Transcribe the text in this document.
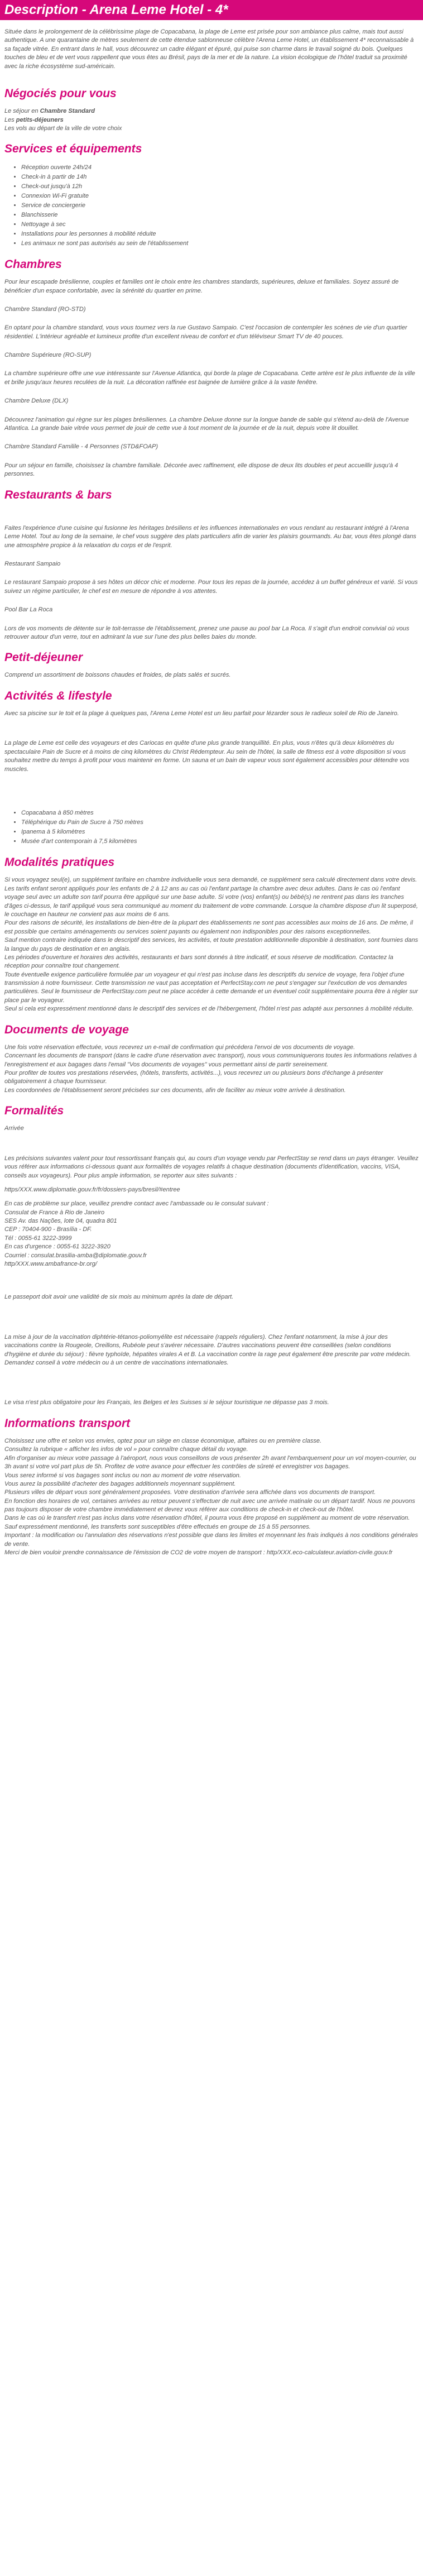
Description - Arena Leme Hotel - 4*

Située dans le prolongement de la célébrissime plage de Copacabana, la plage de Leme est prisée pour son ambiance plus calme, mais tout aussi authentique. A une quarantaine de mètres seulement de cette étendue sablonneuse célèbre l'Arena Leme Hotel, un établissement 4* reconnaissable à sa façade vitrée. En entrant dans le hall, vous découvrez un cadre élégant et épuré, qui puise son charme dans le travail soigné du bois. Quelques touches de bleu et de vert vous rappellent que vous êtes au Brésil, pays de la mer et de la nature. La vision écologique de l'hôtel traduit sa proximité avec la riche écosystème sud-américain.

Négociés pour vous
Le séjour en Chambre Standard
Les petits-déjeuners
Les vols au départ de la ville de votre choix
Services et équipements
• Réception ouverte 24h/24
• Check-in à partir de 14h
• Check-out jusqu'à 12h
• Connexion Wi-Fi gratuite
• Service de conciergerie
• Blanchisserie
• Nettoyage à sec
• Installations pour les personnes à mobilité réduite
• Les animaux ne sont pas autorisés au sein de l'établissement
Chambres

Pour leur escapade brésilienne, couples et familles ont le choix entre les chambres standards, supérieures, deluxe et familiales. Soyez assuré de bénéficier d'un espace confortable, avec la sérénité du quartier en prime.

Chambre Standard (RO-STD)

En optant pour la chambre standard, vous vous tournez vers la rue Gustavo Sampaio. C'est l'occasion de contempler les scènes de vie d'un quartier résidentiel. L'intérieur agréable et lumineux profite d'un excellent niveau de confort et d'un téléviseur Smart TV de 40 pouces.

Chambre Supérieure (RO-SUP)

La chambre supérieure offre une vue intéressante sur l'Avenue Atlantica, qui borde la plage de Copacabana. Cette artère est le plus ​​influente de la ville et brille jusqu'aux heures reculées de la nuit. La décoration raffinée est baignée de lumière grâce à la vaste fenêtre.

Chambre Deluxe (DLX)

Découvrez l'animation qui règne sur les plages brésiliennes. La chambre Deluxe donne sur la longue bande de sable qui s'étend au-delà de l'Avenue Atlantica. La grande baie vitrée vous permet de jouir de cette vue à tout moment de la journée et de la nuit, depuis votre lit douillet.

Chambre Standard Familile - 4 Personnes (STD&FOAP)

Pour un séjour en famille, choisissez la chambre familiale. Décorée avec raffinement, elle dispose de deux lits doubles et peut accueillir jusqu'à 4 personnes.

Restaurants & bars

Faites l'expérience d'une cuisine qui fusionne les héritages brésiliens et les influences internationales en vous rendant au restaurant intégré à l'Arena Leme Hotel. Tout au long de la semaine, le chef vous suggère des plats particuliers afin de varier les plaisirs gourmands. Au bar, vous êtes plongé dans une atmosphère propice à la relaxation du corps et de l'esprit.

Restaurant Sampaio

Le restaurant Sampaio propose à ses hôtes un décor chic et moderne. Pour tous les repas de la journée, accédez à un buffet généreux et varié. Si vous suivez un régime particulier, le chef est en mesure de répondre à vos attentes.

Pool Bar La Roca

Lors de vos moments de détente sur le toit-terrasse de l'établissement, prenez une pause au pool bar La Roca. Il s'agit d'un endroit convivial où vous retrouver autour d'un verre, tout en admirant la vue sur l'une des plus belles baies du monde.

Petit-déjeuner

Comprend un assortiment de boissons chaudes et froides, de plats salés et sucrés.

Activités & lifestyle

Avec sa piscine sur le toit et la plage à quelques pas, l'Arena Leme Hotel est un lieu parfait pour lézarder sous le radieux soleil de Rio de Janeiro.

La plage de Leme est celle des voyageurs et des Cariocas en quête d'une plus grande tranquillité. En plus, vous n'êtes qu'à deux kilomètres du spectaculaire Pain de Sucre et à moins de cinq kilomètres du Christ Rédempteur. Au sein de l'hôtel, la salle de fitness est à votre disposition si vous souhaitez mettre du temps à profit pour vous maintenir en forme. Un sauna et un bain de vapeur vous sont également accessibles pour détendre vos muscles.

• Copacabana à 850 mètres
• Téléphérique du Pain de Sucre à 750 mètres
• Ipanema à 5 kilomètres
• Musée d'art contemporain à 7,5 kilomètres
Modalités pratiques

Si vous voyagez seul(e), un supplément tarifaire en chambre individuelle vous sera demandé, ce supplément sera calculé directement dans votre devis.

Les tarifs enfant seront appliqués pour les enfants de 2 à 12 ans au cas où l'enfant partage la chambre avec deux adultes. Dans le cas où l'enfant voyage seul avec un adulte son tarif pourra être appliqué sur une base adulte. Si votre (vos) enfant(s) ou bébé(s) ne rentrent pas dans les tranches d'âges ci-dessus, le tarif appliqué vous sera communiqué au moment du traitement de votre commande. Lorsque la chambre dispose d'un lit superposé, le couchage en hauteur ne convient pas aux moins de 6 ans.

Pour des raisons de sécurité, les installations de bien-être de la plupart des établissements ne sont pas accessibles aux moins de 16 ans. De même, il est possible que certains aménagements ou services soient payants ou également non indisponibles pour des raisons exceptionnelles.

Sauf mention contraire indiquée dans le descriptif des services, les activités, et toute prestation additionnelle disponible à destination, sont fournies dans la langue du pays de destination et en anglais.

Les périodes d'ouverture et horaires des activités, restaurants et bars sont donnés à titre indicatif, et sous réserve de modification. Contactez la réception pour connaître tout changement.

Toute éventuelle exigence particulière formulée par un voyageur et qui n'est pas incluse dans les descriptifs du service de voyage, fera l'objet d'une transmission à notre fournisseur. Cette transmission ne vaut pas acceptation et PerfectStay.com ne peut s'engager sur l'exécution de vos demandes particulières. Seul le fournisseur de PerfectStay.com peut ne place accéder à cette demande et un éventuel coût supplémentaire pourra être à régler sur place par le voyageur.

Seul si cela est expressément mentionné dans le descriptif des services et de l'hébergement, l'hôtel n'est pas adapté aux personnes à mobilité réduite.

Documents de voyage

Une fois votre réservation effectuée, vous recevrez un e-mail de confirmation qui précédera l'envoi de vos documents de voyage.

Concernant les documents de transport (dans le cadre d'une réservation avec transport), nous vous communiquerons toutes les informations relatives à l'enregistrement et aux bagages dans l'email "Vos documents de voyages" vous permettant ainsi de partir sereinement.

Pour profiter de toutes vos prestations réservées, (hôtels, transferts, activités...), vous recevrez un ou plusieurs bons d'échange à présenter obligatoirement à chaque fournisseur.

Les coordonnées de l'établissement seront précisées sur ces documents, afin de faciliter au mieux votre arrivée à destination.

Formalités

Arrivée

Les précisions suivantes valent pour tout ressortissant français qui, au cours d'un voyage vendu par PerfectStay se rend dans un pays étranger. Veuillez vous référer aux informations ci-dessous quant aux formalités de voyages relatifs à chaque destination (documents d'identification, vaccins, VISA, conseils aux voyageurs). Pour plus ample information, se reporter aux sites suivants :

https/XXX.www.diplomatie.gouv.fr/fr/dossiers-pays/bresil/#entree

En cas de problème sur place, veuillez prendre contact avec l'ambassade ou le consulat suivant :

Consulat de France à Rio de Janeiro

SES Av. das Nações, lote 04, quadra 801

CEP : 70404-900 - Brasília - DF.

Tél : 0055-61 3222-3999

En cas d'urgence : 0055-61 3222-3920

Courriel : consulat.brasilia-amba@diplomatie.gouv.fr

http/XXX.www.ambafrance-br.org/

Le passeport doit avoir une validité de six mois au minimum après la date de départ.

La mise à jour de la vaccination diphtérie-tétanos-poliomyélite est nécessaire (rappels réguliers). Chez l'enfant notamment, la mise à jour des vaccinations contre la Rougeole, Oreillons, Rubéole peut s'avérer nécessaire. D'autres vaccinations peuvent être conseillées (selon conditions d'hygiène et durée du séjour) : fièvre typhoïde, hépatites virales A et B. La vaccination contre la rage peut également être prescrite par votre médecin. Demandez conseil à votre médecin ou à un centre de vaccinations internationales.

Le visa n'est plus obligatoire pour les Français, les Belges et les Suisses si le séjour touristique ne dépasse pas 3 mois.

Informations transport

Choisissez une offre et selon vos envies, optez pour un siège en classe économique, affaires ou en première classe.

Consultez la rubrique « afficher les infos de vol » pour connaître chaque détail du voyage.

Afin d'organiser au mieux votre passage à l'aéroport, nous vous conseillons de vous présenter 2h avant l'embarquement pour un vol moyen-courrier, ou 3h avant si votre vol part plus de 5h. Profitez de votre avance pour effectuer les contrôles de sûreté et enregistrer vos bagages.

Vous serez informé si vos bagages sont inclus ou non au moment de votre réservation.

Vous aurez la possibilité d'acheter des bagages additionnels moyennant supplément.

Plusieurs villes de départ vous sont généralement proposées. Votre destination d'arrivée sera affichée dans vos documents de transport.

En fonction des horaires de vol, certaines arrivées au retour peuvent s'effectuer de nuit avec une arrivée matinale ou un départ tardif. Nous ne pouvons pas toujours disposer de votre chambre immédiatement et devrez vous référer aux conditions de check-in et check-out de l'hôtel.

Dans le cas où le transfert n'est pas inclus dans votre réservation d'hôtel, il pourra vous être proposé en supplément au moment de votre réservation. Sauf expressément mentionné, les transferts sont susceptibles d'être effectués en groupe de 15 à 55 personnes.

Important : la modification ou l'annulation des réservations n'est possible que dans les limites et moyennant les frais indiqués à nos conditions générales de vente.

Merci de bien vouloir prendre connaissance de l'émission de CO2 de votre moyen de transport : http/XXX.eco-calculateur.aviation-civile.gouv.fr
